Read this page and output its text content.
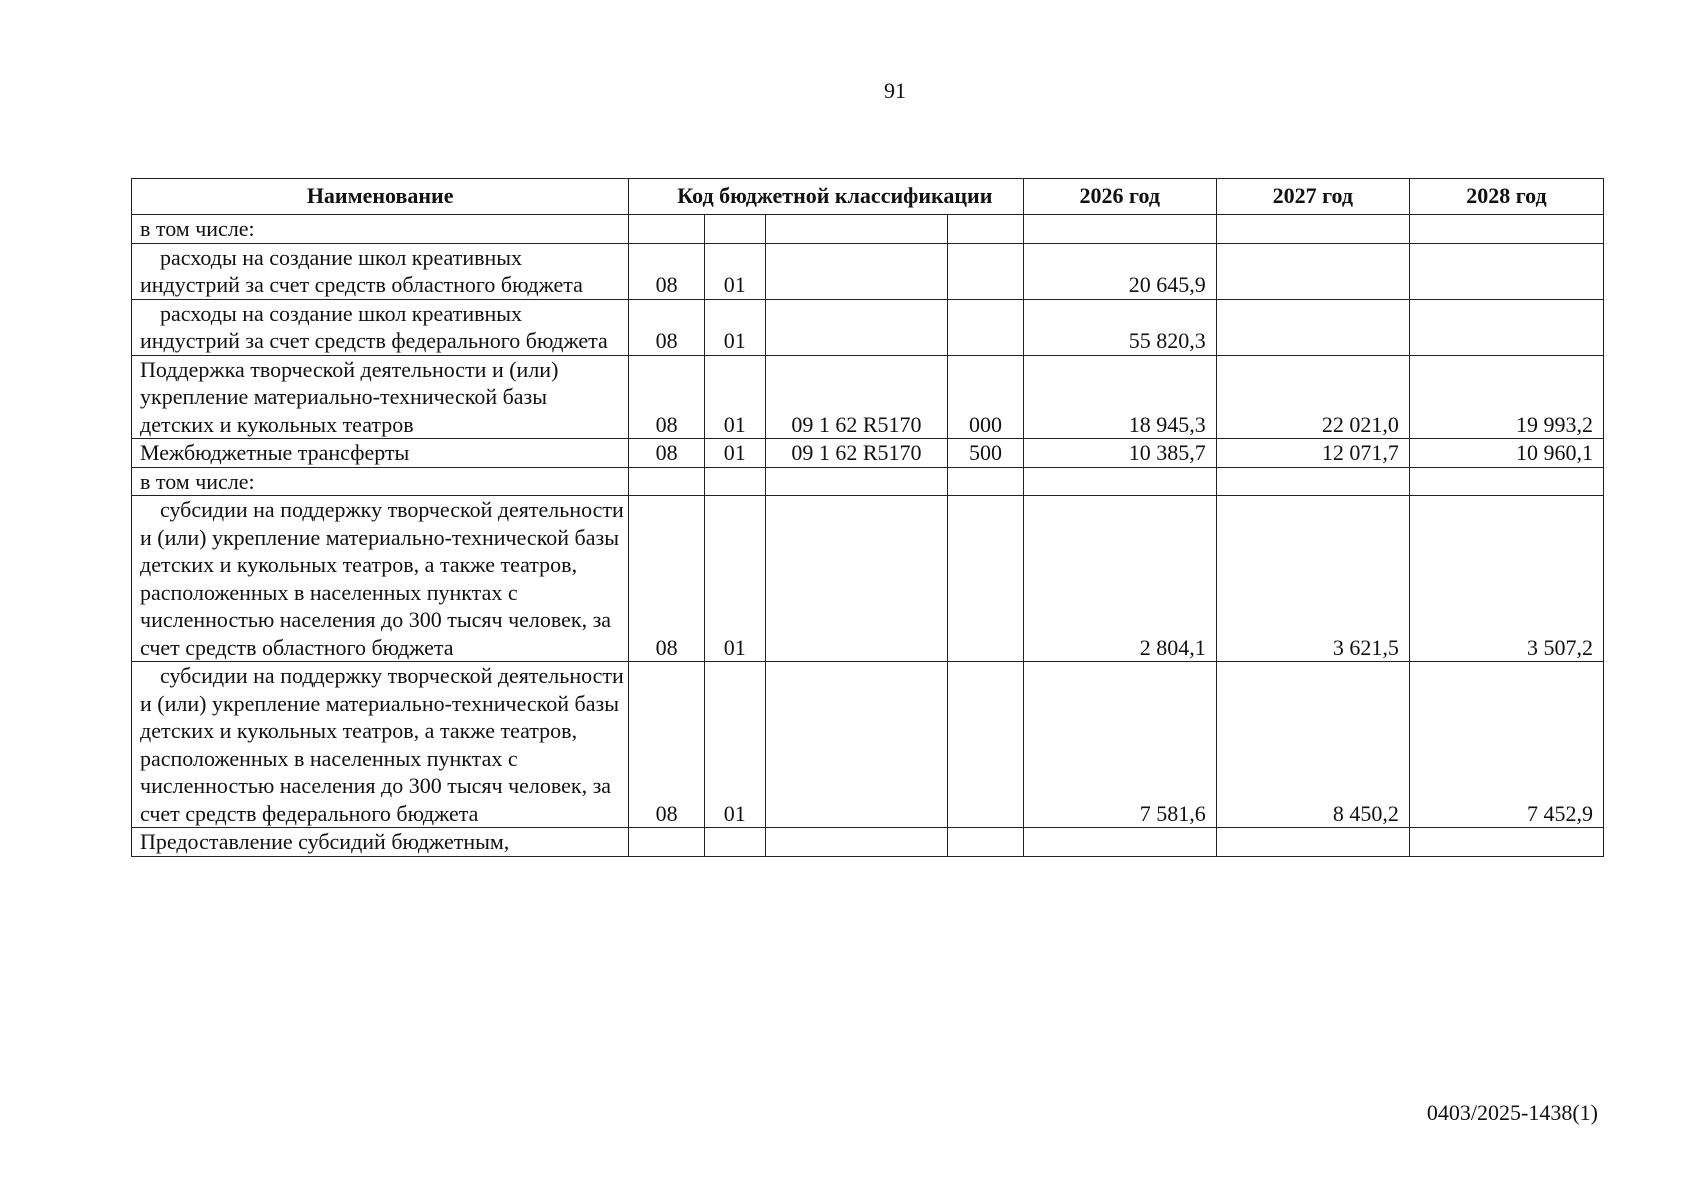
91
Наименование	Код бюджетной классификации				2026 год	2027 год	2028 год
в том числе:							

расходы на создание школ креативных индустрий за счет средств областного бюджета	08	01			20 645,9		

расходы на создание школ креативных индустрий за счет средств федерального бюджета	08	01			55 820,3		
Поддержка творческой деятельности и (или) укрепление материально-технической базы детских и кукольных театров	08	01	09 1 62 R5170	000	18 945,3	22 021,0	19 993,2
Межбюджетные трансферты	08	01	09 1 62 R5170	500	10 385,7	12 071,7	10 960,1
в том числе:							

субсидии на поддержку творческой деятельности и (или) укрепление материально-технической базы детских и кукольных театров, а также театров, расположенных в населенных пунктах с численностью населения до 300 тысяч человек, за счет средств областного бюджета	08	01			2 804,1	3 621,5	3 507,2

субсидии на поддержку творческой деятельности и (или) укрепление материально-технической базы детских и кукольных театров, а также театров, расположенных в населенных пунктах с численностью населения до 300 тысяч человек, за счет средств федерального бюджета	08	01			7 581,6	8 450,2	7 452,9
Предоставление субсидий бюджетным,							
0403/2025-1438(1)
